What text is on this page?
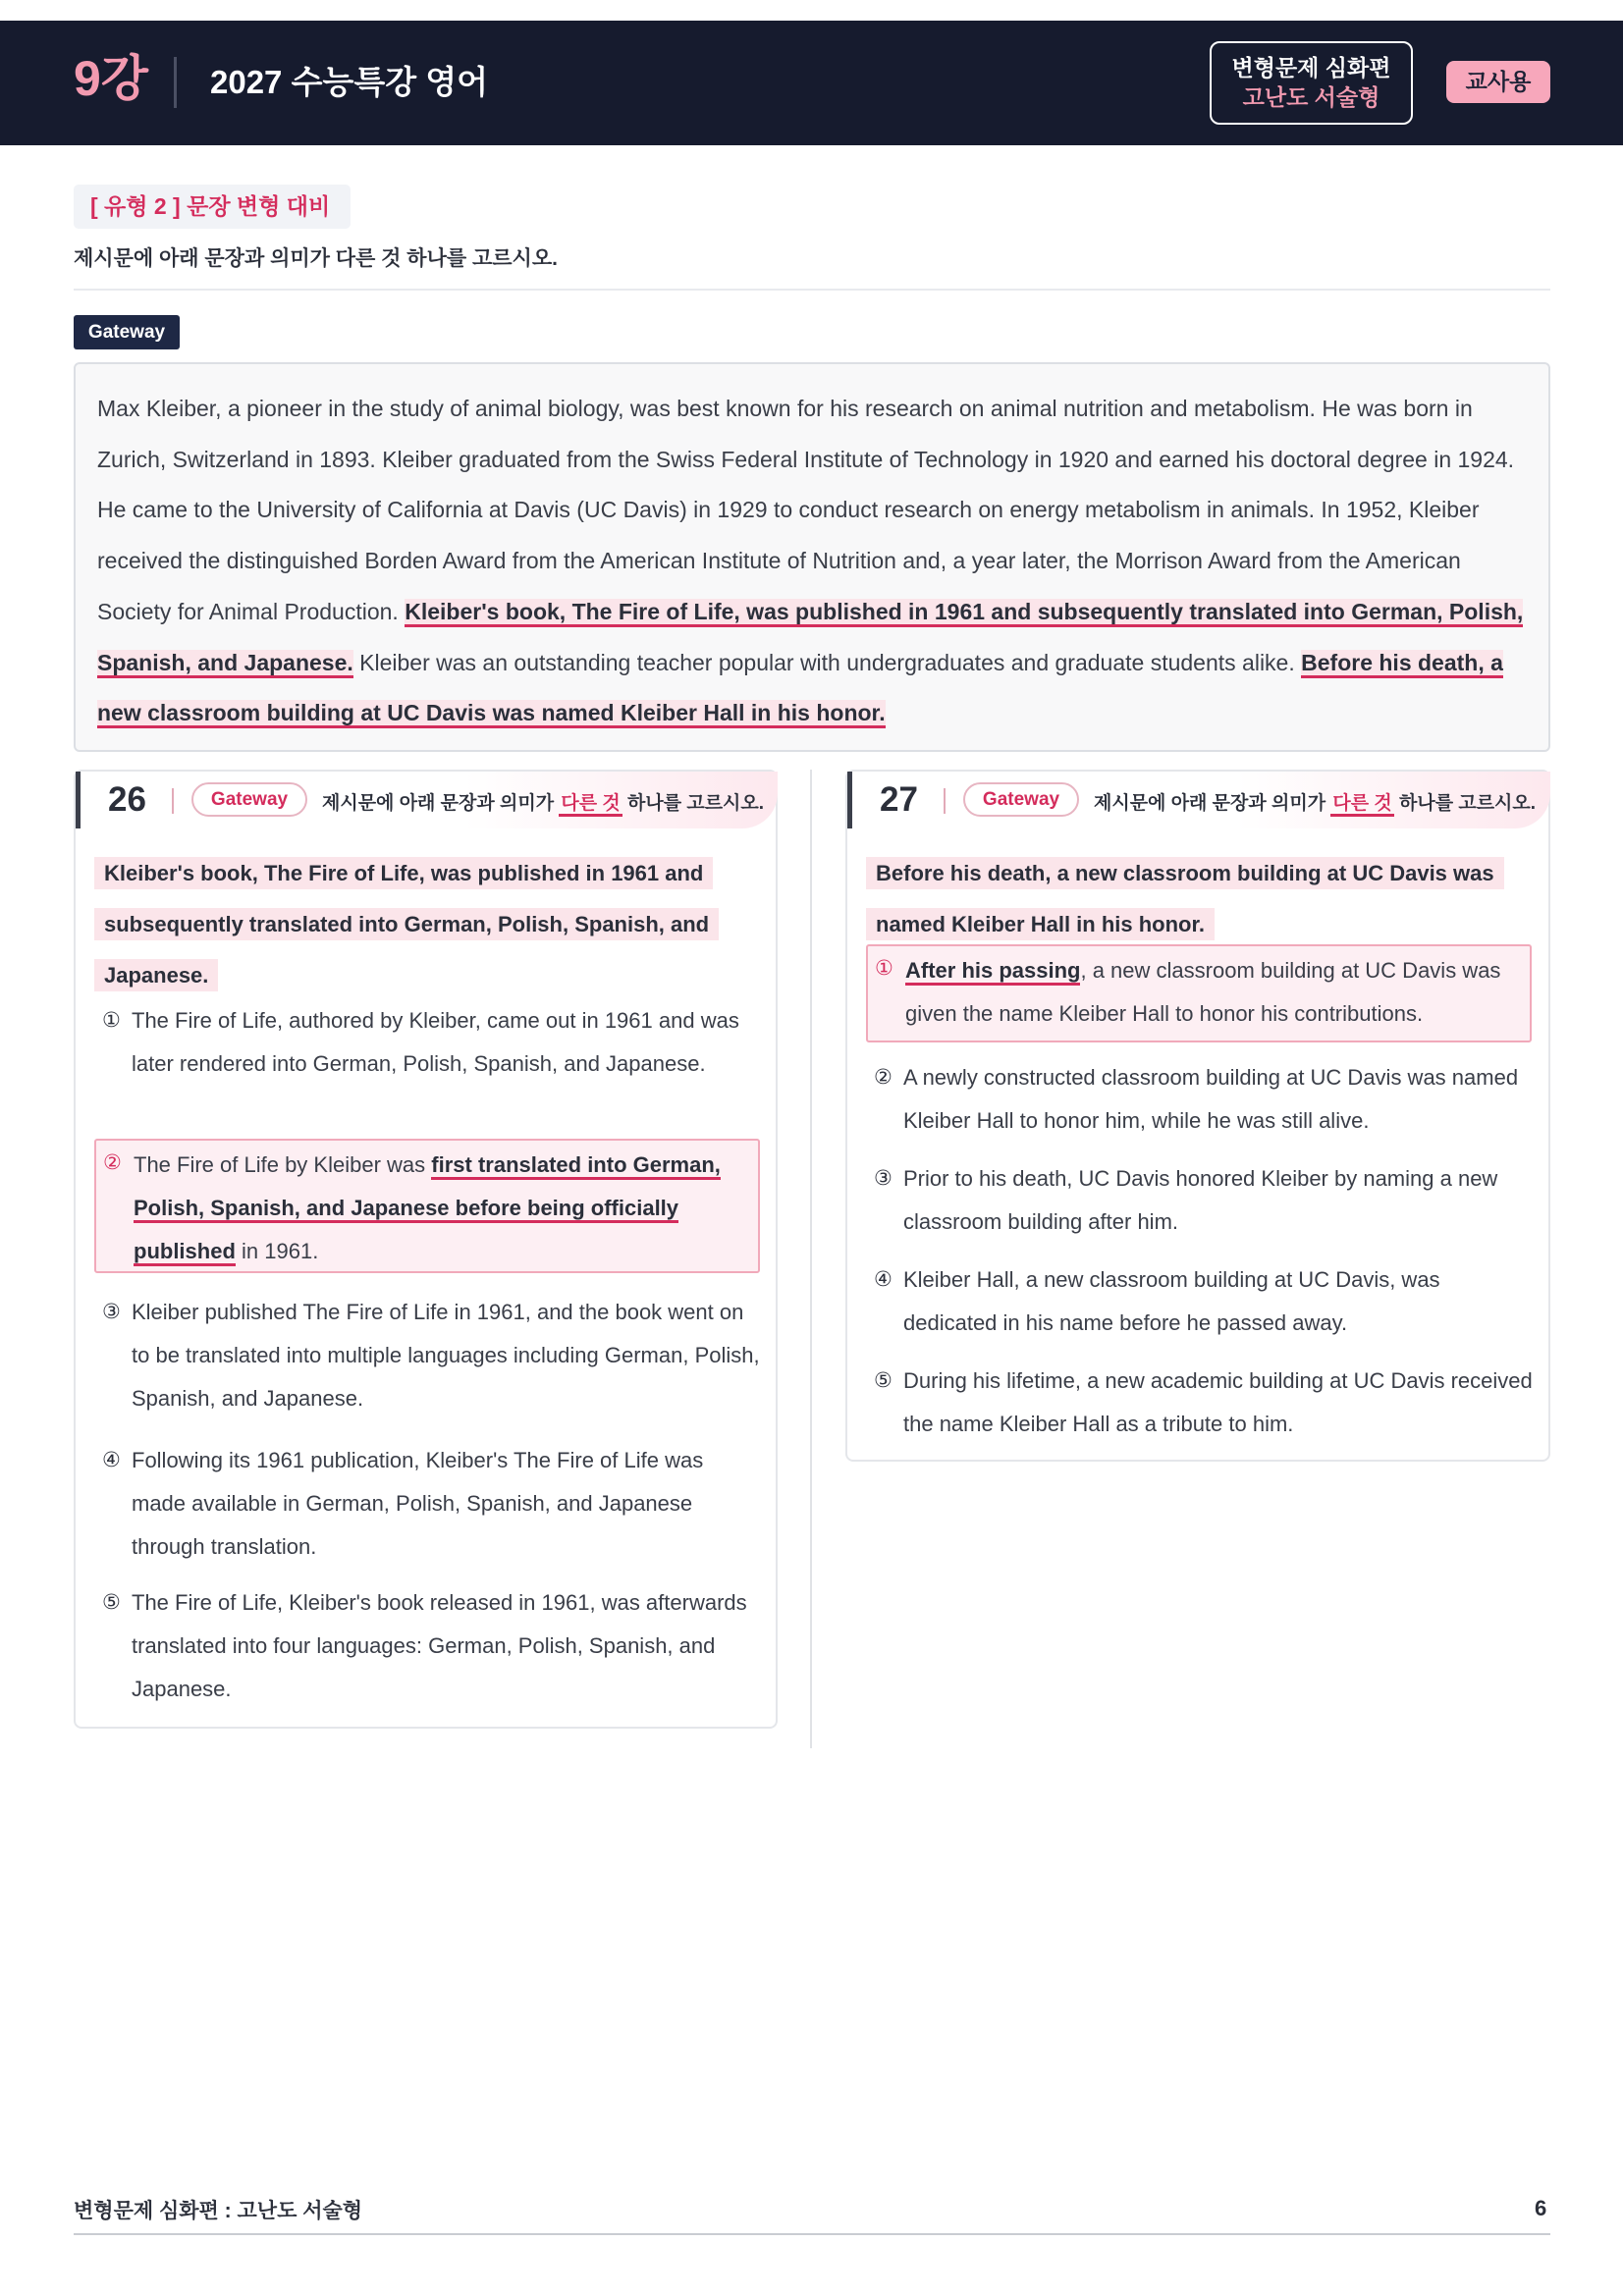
9강 2027 수능특강 영어	변형문제 심화편
고난도 서술형
교사용
[ 유형 2 ] 문장 변형 대비
제시문에 아래 문장과 의미가 다른 것 하나를 고르시오.
Gateway
Max Kleiber, a pioneer in the study of animal biology, was best known for his research on animal nutrition and metabolism. He was born in Zurich, Switzerland in 1893. Kleiber graduated from the Swiss Federal Institute of Technology in 1920 and earned his doctoral degree in 1924. He came to the University of California at Davis (UC Davis) in 1929 to conduct research on energy metabolism in animals. In 1952, Kleiber received the distinguished Borden Award from the American Institute of Nutrition and, a year later, the Morrison Award from the American Society for Animal Production. Kleiber's book, The Fire of Life, was published in 1961 and subsequently translated into German, Polish, Spanish, and Japanese. Kleiber was an outstanding teacher popular with undergraduates and graduate students alike. Before his death, a new classroom building at UC Davis was named Kleiber Hall in his honor.
26	Gateway	제시문에 아래 문장과 의미가 다른 것 하나를 고르시오.
Kleiber's book, The Fire of Life, was published in 1961 and subsequently translated into German, Polish, Spanish, and Japanese.
① The Fire of Life, authored by Kleiber, came out in 1961 and was later rendered into German, Polish, Spanish, and Japanese.
② The Fire of Life by Kleiber was first translated into German, Polish, Spanish, and Japanese before being officially published in 1961.
③ Kleiber published The Fire of Life in 1961, and the book went on to be translated into multiple languages including German, Polish, Spanish, and Japanese.
④ Following its 1961 publication, Kleiber's The Fire of Life was made available in German, Polish, Spanish, and Japanese through translation.
⑤ The Fire of Life, Kleiber's book released in 1961, was afterwards translated into four languages: German, Polish, Spanish, and Japanese.
27	Gateway	제시문에 아래 문장과 의미가 다른 것 하나를 고르시오.
Before his death, a new classroom building at UC Davis was named Kleiber Hall in his honor.
① After his passing, a new classroom building at UC Davis was given the name Kleiber Hall to honor his contributions.
② A newly constructed classroom building at UC Davis was named Kleiber Hall to honor him, while he was still alive.
③ Prior to his death, UC Davis honored Kleiber by naming a new classroom building after him.
④ Kleiber Hall, a new classroom building at UC Davis, was dedicated in his name before he passed away.
⑤ During his lifetime, a new academic building at UC Davis received the name Kleiber Hall as a tribute to him.
변형문제 심화편 : 고난도 서술형	6
